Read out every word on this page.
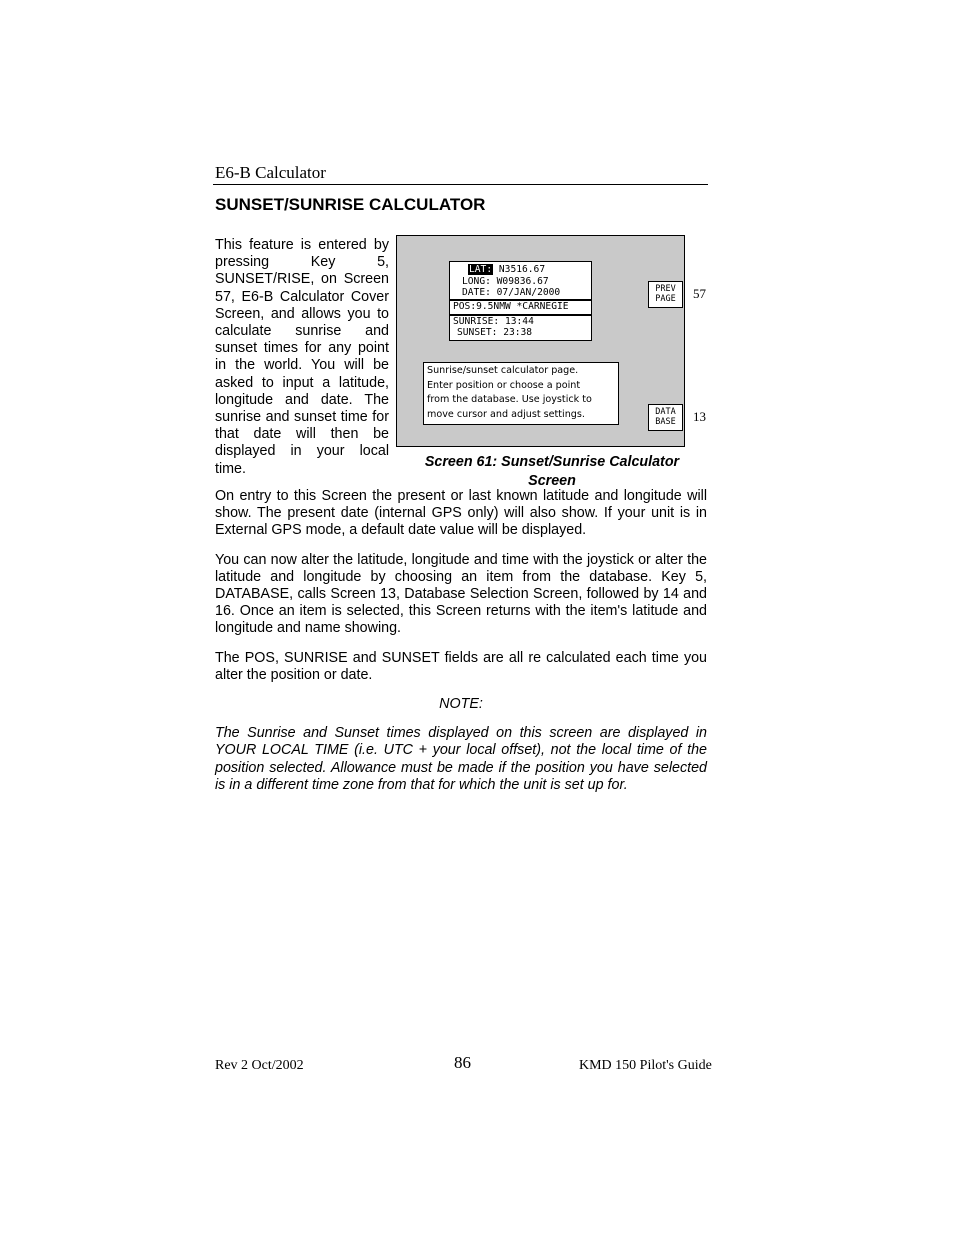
E6-B Calculator
SUNSET/SUNRISE CALCULATOR
This feature is entered by pressing Key 5, SUNSET/RISE, on Screen 57, E6-B Calculator Cover Screen, and allows you to calculate sunrise and sunset times for any point in the world. You will be asked to input a latitude, longitude and date. The sunrise and sunset time for that date will then be displayed in your local time.
LAT: N3516.67
LONG: W09836.67
DATE: 07/JAN/2000
POS:9.5NMW *CARNEGIE
SUNRISE: 13:44
SUNSET: 23:38
Sunrise/sunset calculator page.
Enter position or choose a point
from the database. Use joystick to
move cursor and adjust settings.
PREV
PAGE
DATA
BASE
57
13
Screen 61: Sunset/Sunrise Calculator
Screen

On entry to this Screen the present or last known latitude and longitude will show. The present date (internal GPS only) will also show. If your unit is in External GPS mode, a default date value will be displayed.

You can now alter the latitude, longitude and time with the joystick or alter the latitude and longitude by choosing an item from the database. Key 5, DATABASE, calls Screen 13, Database Selection Screen, followed by 14 and 16. Once an item is selected, this Screen returns with the item's latitude and longitude and name showing.

The POS, SUNRISE and SUNSET fields are all re calculated each time you alter the position or date.

NOTE:

The Sunrise and Sunset times displayed on this screen are displayed in YOUR LOCAL TIME (i.e. UTC + your local offset), not the local time of the position selected. Allowance must be made if the position you have selected is in a different time zone from that for which the unit is set up for.

Rev 2 Oct/2002	86	KMD 150 Pilot's Guide
